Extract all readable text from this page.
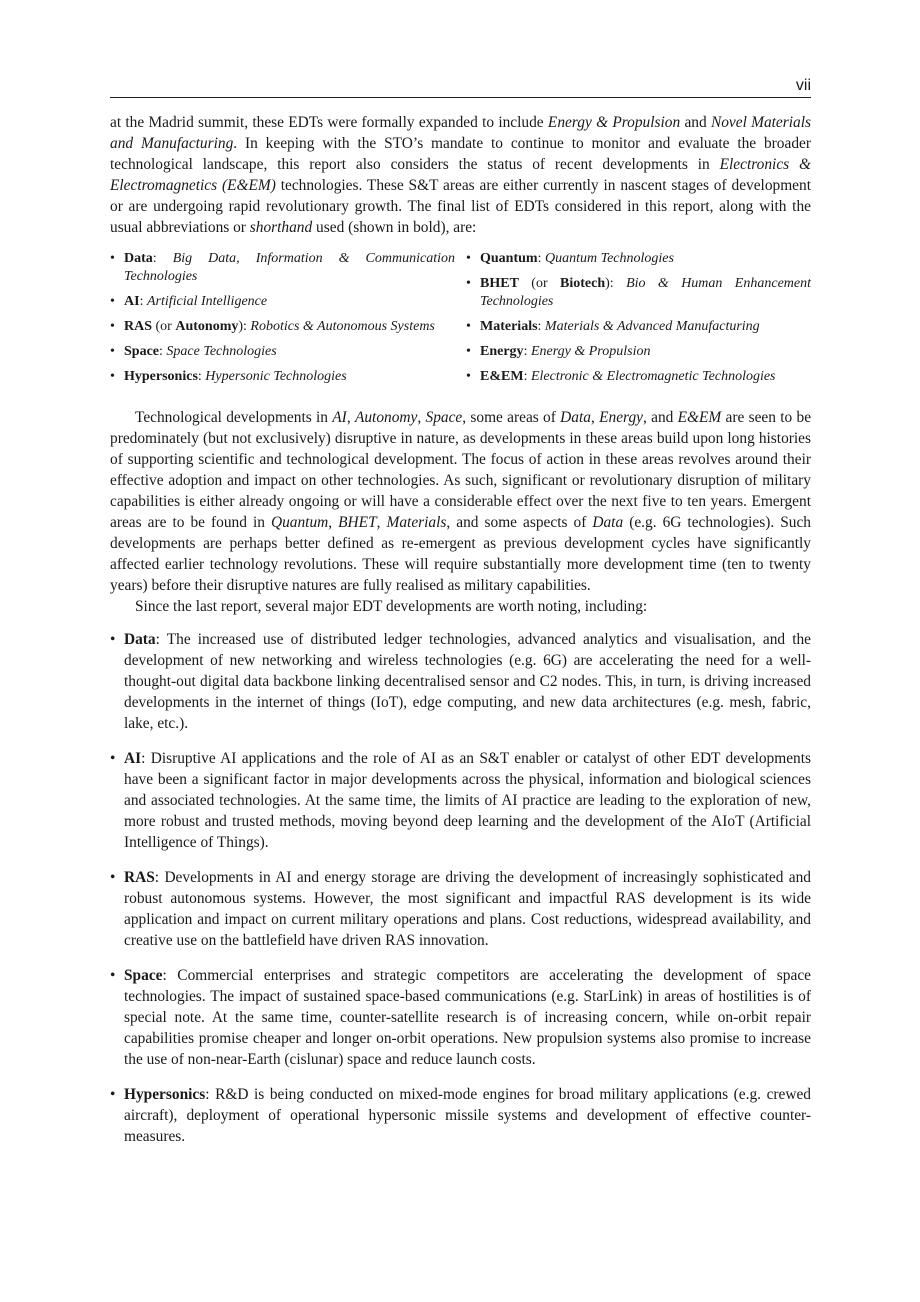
vii

at the Madrid summit, these EDTs were formally expanded to include Energy & Propulsion and Novel Materials and Manufacturing. In keeping with the STO’s mandate to continue to monitor and evaluate the broader technological landscape, this report also considers the status of recent developments in Electronics & Electromagnetics (E&EM) technologies. These S&T areas are either currently in nascent stages of development or are undergoing rapid revolutionary growth. The final list of EDTs considered in this report, along with the usual abbreviations or shorthand used (shown in bold), are:

• Data: Big Data, Information & Communication Technologies
• AI: Artificial Intelligence
• RAS (or Autonomy): Robotics & Autonomous Systems
• Space: Space Technologies
• Hypersonics: Hypersonic Technologies
• Quantum: Quantum Technologies
• BHET (or Biotech): Bio & Human Enhancement Technologies
• Materials: Materials & Advanced Manufacturing
• Energy: Energy & Propulsion
• E&EM: Electronic & Electromagnetic Technologies

Technological developments in AI, Autonomy, Space, some areas of Data, Energy, and E&EM are seen to be predominately (but not exclusively) disruptive in nature, as developments in these areas build upon long histories of supporting scientific and technological development. The focus of action in these areas revolves around their effective adoption and impact on other technologies. As such, significant or revolutionary disruption of military capabilities is either already ongoing or will have a considerable effect over the next five to ten years. Emergent areas are to be found in Quantum, BHET, Materials, and some aspects of Data (e.g. 6G technologies). Such developments are perhaps better defined as re-emergent as previous development cycles have significantly affected earlier technology revolutions. These will require substantially more development time (ten to twenty years) before their disruptive natures are fully realised as military capabilities.

Since the last report, several major EDT developments are worth noting, including:

• Data: The increased use of distributed ledger technologies, advanced analytics and visualisation, and the development of new networking and wireless technologies (e.g. 6G) are accelerating the need for a well-thought-out digital data backbone linking decentralised sensor and C2 nodes. This, in turn, is driving increased developments in the internet of things (IoT), edge computing, and new data architectures (e.g. mesh, fabric, lake, etc.).
• AI: Disruptive AI applications and the role of AI as an S&T enabler or catalyst of other EDT developments have been a significant factor in major developments across the physical, information and biological sciences and associated technologies. At the same time, the limits of AI practice are leading to the exploration of new, more robust and trusted methods, moving beyond deep learning and the development of the AIoT (Artificial Intelligence of Things).
• RAS: Developments in AI and energy storage are driving the development of increasingly sophisticated and robust autonomous systems. However, the most significant and impactful RAS development is its wide application and impact on current military operations and plans. Cost reductions, widespread availability, and creative use on the battlefield have driven RAS innovation.
• Space: Commercial enterprises and strategic competitors are accelerating the development of space technologies. The impact of sustained space-based communications (e.g. StarLink) in areas of hostilities is of special note. At the same time, counter-satellite research is of increasing concern, while on-orbit repair capabilities promise cheaper and longer on-orbit operations. New propulsion systems also promise to increase the use of non-near-Earth (cislunar) space and reduce launch costs.
• Hypersonics: R&D is being conducted on mixed-mode engines for broad military applications (e.g. crewed aircraft), deployment of operational hypersonic missile systems and development of effective counter-measures.
